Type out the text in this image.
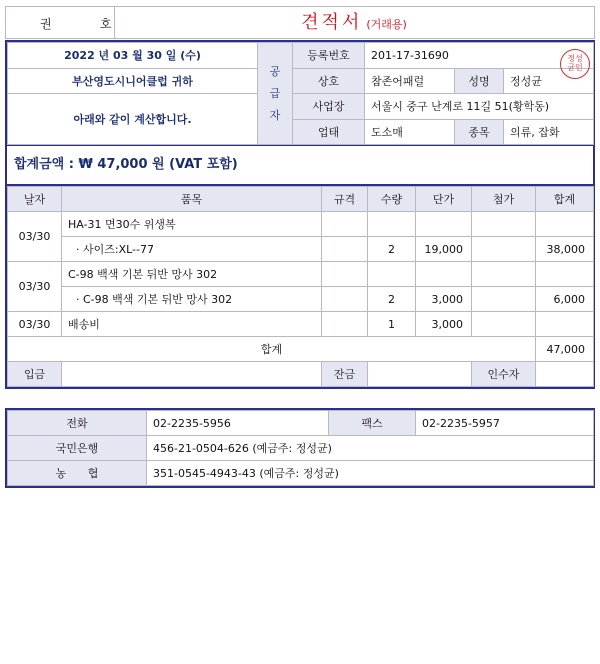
권	호	견적서 (거래용)
2022 년 03 월 30 일 (수)	공
급
자	등록번호	201-17-31690		
부산영도시니어클럽 귀하		상호	참존어패럴	성명	정성균
정성
균인

아래와 같이 계산합니다.		사업장	서울시 중구 난계로 11길 51(황학동)		
		업태	도소매	종목	의류, 잡화
합계금액 : ₩ 47,000 원 (VAT 포함)
날자	품목	규격	수량	단가	첨가	합계
03/30	HA-31 면30수 위생복					
	· 사이즈:XL--77		2	19,000		38,000
03/30	C-98 백색 기본 뒤반 망사 302					
	· C-98 백색 기본 뒤반 망사 302		2	3,000		6,000
03/30	배송비		1	3,000		
합계						47,000
입금		잔금			인수자	
전화	02-2235-5956	팩스	02-2235-5957
국민은행	456-21-0504-626 (예금주: 정성균)		
농 협	351-0545-4943-43 (예금주: 정성균)		
